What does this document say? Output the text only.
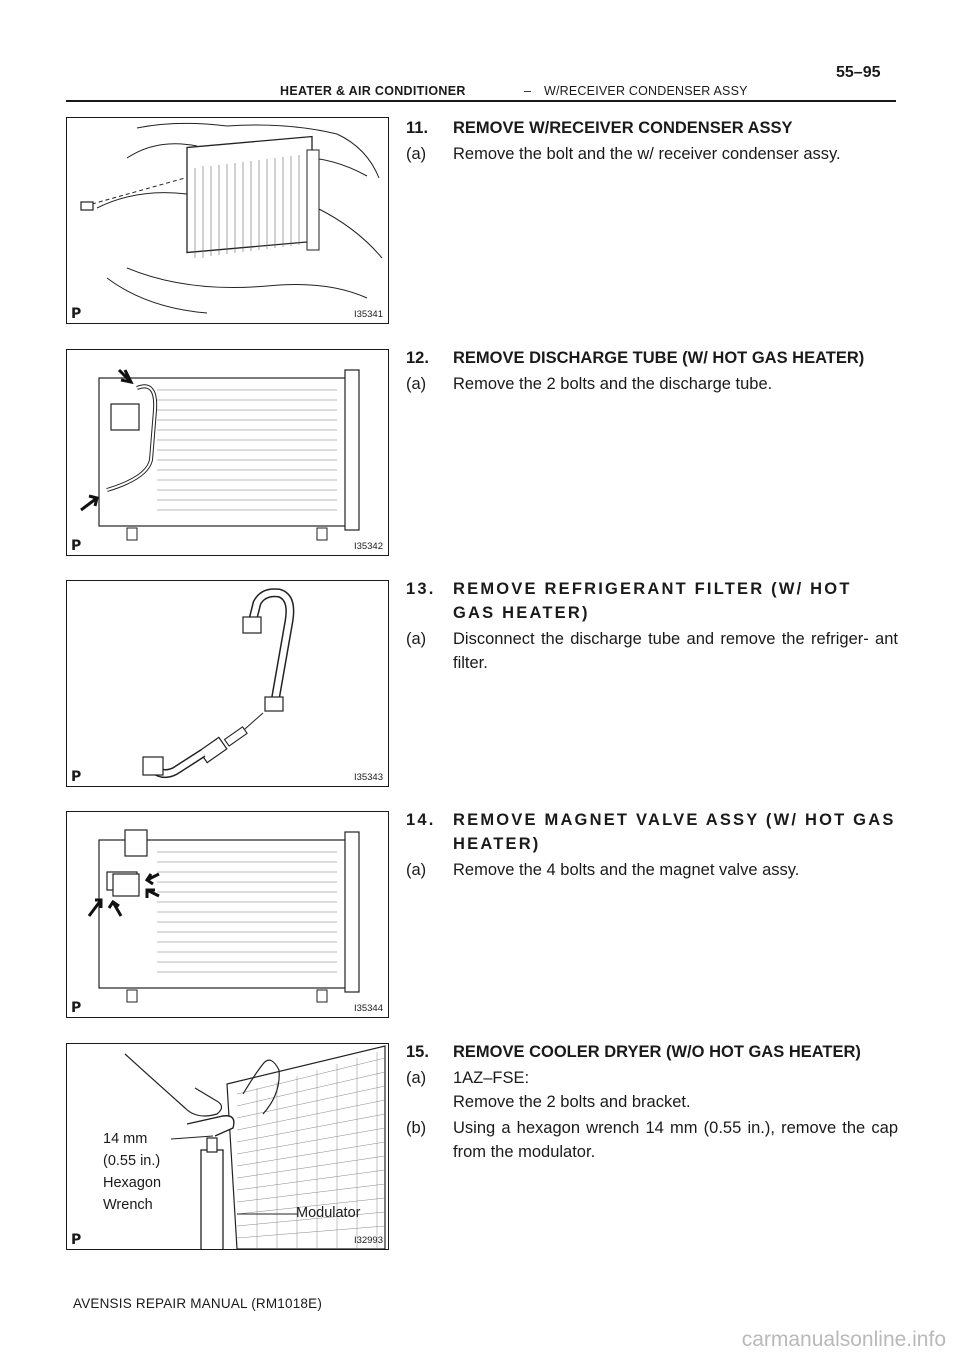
HEATER & AIR CONDITIONER	– W/RECEIVER CONDENSER ASSY
55–95
P	I35341
P	I35342
P	I35343
P	I35344
14 mm
(0.55 in.)
Hexagon
Wrench	Modulator
P	I32993
11. REMOVE W/RECEIVER CONDENSER ASSY
(a) Remove the bolt and the w/ receiver condenser assy.
12. REMOVE DISCHARGE TUBE (W/ HOT GAS HEATER)
(a) Remove the 2 bolts and the discharge tube.
13. REMOVE REFRIGERANT FILTER (W/ HOT GAS HEATER)
(a) Disconnect the discharge tube and remove the refriger- ant filter.
14. REMOVE MAGNET VALVE ASSY (W/ HOT GAS HEATER)
(a) Remove the 4 bolts and the magnet valve assy.
15. REMOVE COOLER DRYER (W/O HOT GAS HEATER)
(a) 1AZ–FSE:
Remove the 2 bolts and bracket.
(b) Using a hexagon wrench 14 mm (0.55 in.), remove the cap from the modulator.
AVENSIS REPAIR MANUAL (RM1018E)
carmanualsonline.info
